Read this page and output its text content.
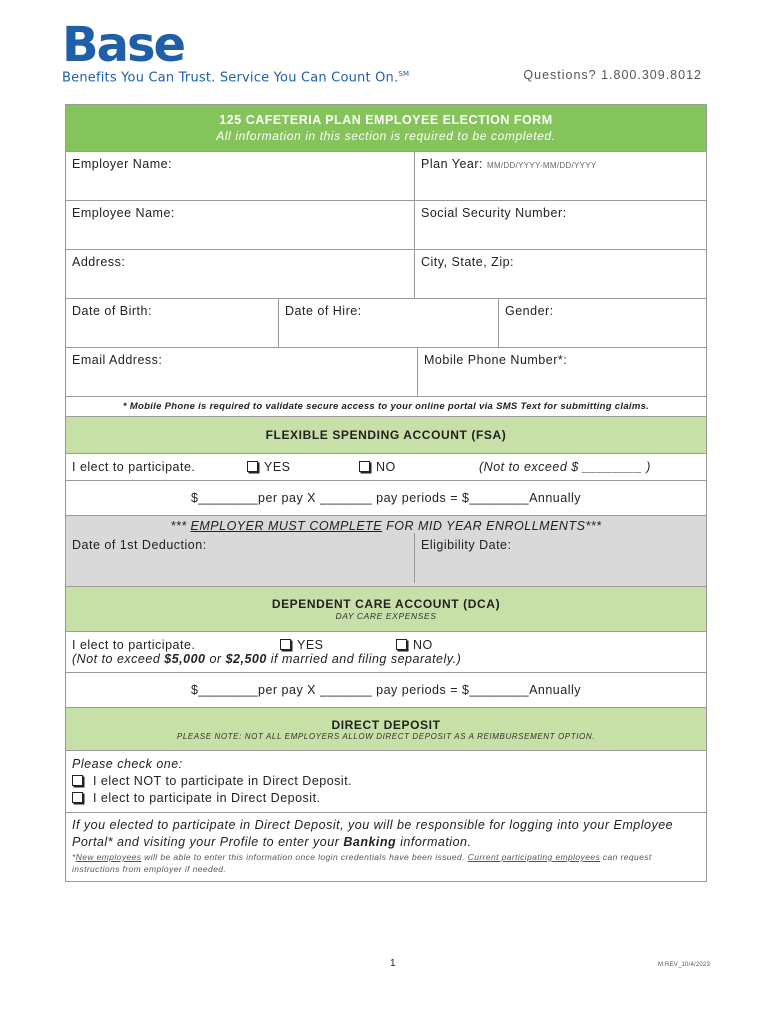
Base
Benefits You Can Trust. Service You Can Count On.℠	Questions? 1.800.309.8012
125 CAFETERIA PLAN EMPLOYEE ELECTION FORM
All information in this section is required to be completed.
Employer Name:	Plan Year: MM/DD/YYYY-MM/DD/YYYY
Employee Name:	Social Security Number:
Address:	City, State, Zip:
Date of Birth:	Date of Hire:	Gender:
Email Address:	Mobile Phone Number*:
* Mobile Phone is required to validate secure access to your online portal via SMS Text for submitting claims.
FLEXIBLE SPENDING ACCOUNT (FSA)
I elect to participate.	YES	NO	(Not to exceed $ ________ )
$________per pay X _______ pay periods = $________Annually
*** EMPLOYER MUST COMPLETE FOR MID YEAR ENROLLMENTS***
Date of 1st Deduction:	Eligibility Date:
DEPENDENT CARE ACCOUNT (DCA)
DAY CARE EXPENSES
I elect to participate.	YES	NO
(Not to exceed $5,000 or $2,500 if married and filing separately.)
$________per pay X _______ pay periods = $________Annually
DIRECT DEPOSIT
PLEASE NOTE: NOT ALL EMPLOYERS ALLOW DIRECT DEPOSIT AS A REIMBURSEMENT OPTION.
Please check one:
I elect NOT to participate in Direct Deposit.
I elect to participate in Direct Deposit.
If you elected to participate in Direct Deposit, you will be responsible for logging into your Employee Portal* and visiting your Profile to enter your Banking information.
*New employees will be able to enter this information once login credentials have been issued. Current participating employees can request instructions from employer if needed.
1	M:REV_10/4/2023
